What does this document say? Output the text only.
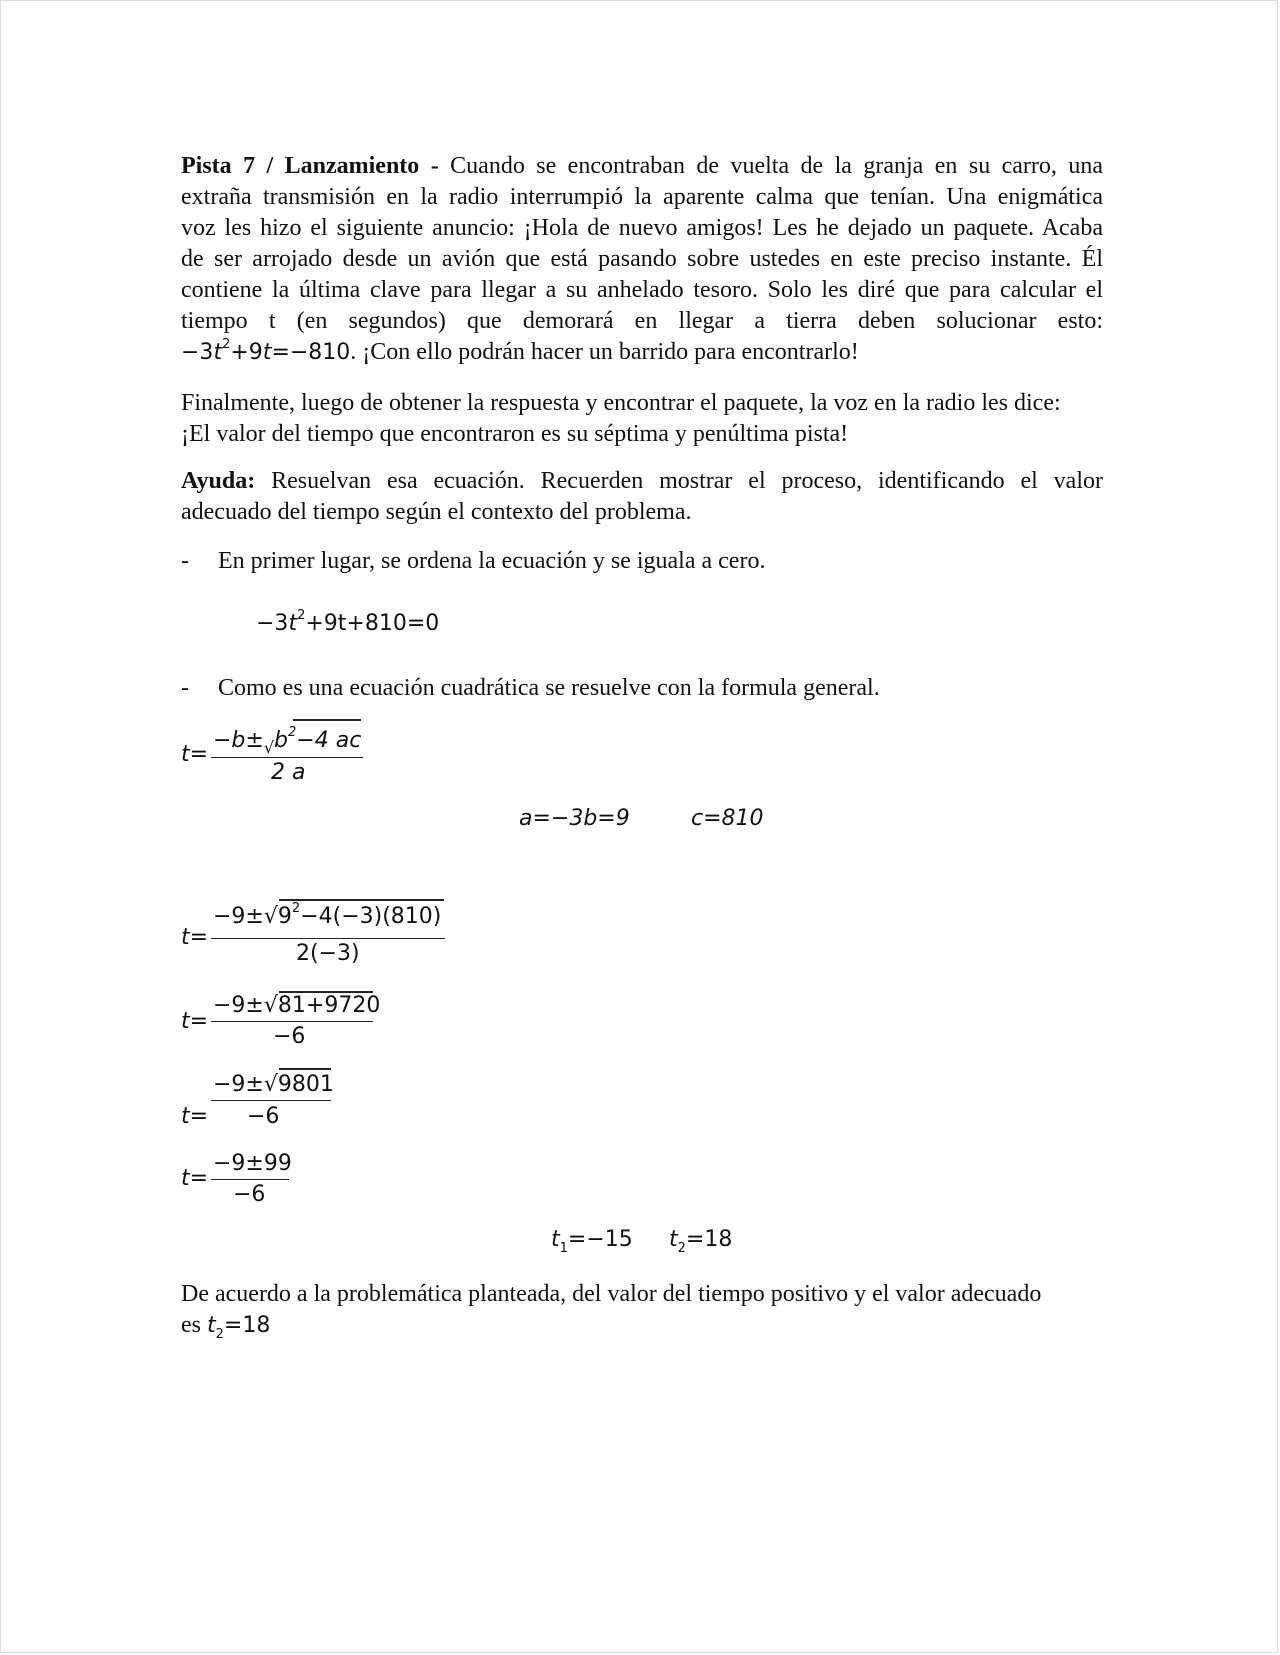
Pista 7 / Lanzamiento - Cuando se encontraban de vuelta de la granja en su carro, una
extraña transmisión en la radio interrumpió la aparente calma que tenían. Una enigmática
voz les hizo el siguiente anuncio: ¡Hola de nuevo amigos! Les he dejado un paquete. Acaba
de ser arrojado desde un avión que está pasando sobre ustedes en este preciso instante. Él
contiene la última clave para llegar a su anhelado tesoro. Solo les diré que para calcular el
tiempo t (en segundos) que demorará en llegar a tierra deben solucionar esto:
$-3t^2+9t=-810$. ¡Con ello podrán hacer un barrido para encontrarlo!
Finalmente, luego de obtener la respuesta y encontrar el paquete, la voz en la radio les dice:
¡El valor del tiempo que encontraron es su séptima y penúltima pista!
Ayuda: Resuelvan esa ecuación. Recuerden mostrar el proceso, identificando el valor
adecuado del tiempo según el contexto del problema.
- En primer lugar, se ordena la ecuación y se iguala a cero.
$-3t^2+9t+810=0$
- Como es una ecuación cuadrática se resuelve con la formula general.
t=
$-b\pm_√b^2-4$ ac
2 a
a=−3b=9	c=810
t=
$-9\pm√9^2-4(-3)(810)$
2(−3)
t=
−9±√81+9720
−6
t=
−9±√9801
−6
t=
−9±99
−6
$t_1=-15$ $t_2=18$
De acuerdo a la problemática planteada, del valor del tiempo positivo y el valor adecuado
es $t_2=18$
